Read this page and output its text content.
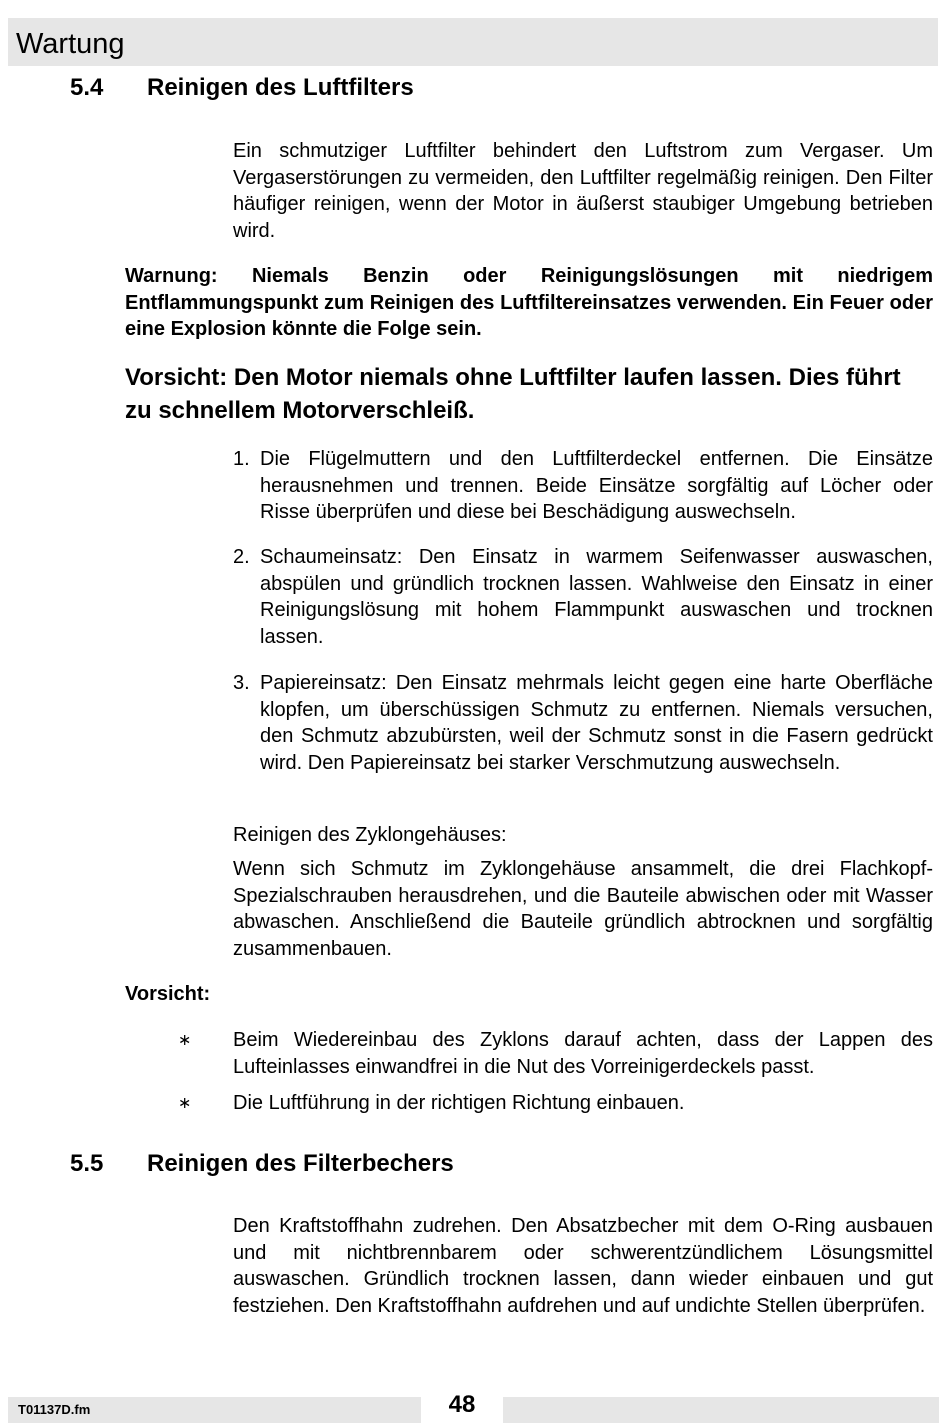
Wartung
5.4 Reinigen des Luftfilters

Ein schmutziger Luftfilter behindert den Luftstrom zum Vergaser. Um Vergaserstörungen zu vermeiden, den Luftfilter regelmäßig reinigen. Den Filter häufiger reinigen, wenn der Motor in äußerst staubiger Umgebung betrieben wird.

Warnung: Niemals Benzin oder Reinigungslösungen mit niedrigem Entflammungspunkt zum Reinigen des Luftfiltereinsatzes verwenden. Ein Feuer oder eine Explosion könnte die Folge sein.

Vorsicht: Den Motor niemals ohne Luftfilter laufen lassen. Dies führt zu schnellem Motorverschleiß.

1. Die Flügelmuttern und den Luftfilterdeckel entfernen. Die Einsätze herausnehmen und trennen. Beide Einsätze sorgfältig auf Löcher oder Risse überprüfen und diese bei Beschädigung auswechseln.
2. Schaumeinsatz: Den Einsatz in warmem Seifenwasser auswaschen, abspülen und gründlich trocknen lassen. Wahlweise den Einsatz in einer Reinigungslösung mit hohem Flammpunkt auswaschen und trocknen lassen.
3. Papiereinsatz: Den Einsatz mehrmals leicht gegen eine harte Oberfläche klopfen, um überschüssigen Schmutz zu entfernen. Niemals versuchen, den Schmutz abzubürsten, weil der Schmutz sonst in die Fasern gedrückt wird. Den Papiereinsatz bei starker Verschmutzung auswechseln.

Reinigen des Zyklongehäuses:

Wenn sich Schmutz im Zyklongehäuse ansammelt, die drei Flachkopf-Spezialschrauben herausdrehen, und die Bauteile abwischen oder mit Wasser abwaschen. Anschließend die Bauteile gründlich abtrocknen und sorgfältig zusammenbauen.

Vorsicht:

∗ Beim Wiedereinbau des Zyklons darauf achten, dass der Lappen des Lufteinlasses einwandfrei in die Nut des Vorreinigerdeckels passt.
∗ Die Luftführung in der richtigen Richtung einbauen.
5.5 Reinigen des Filterbechers

Den Kraftstoffhahn zudrehen. Den Absatzbecher mit dem O-Ring ausbauen und mit nichtbrennbarem oder schwerentzündlichem Lösungsmittel auswaschen. Gründlich trocknen lassen, dann wieder einbauen und gut festziehen. Den Kraftstoffhahn aufdrehen und auf undichte Stellen überprüfen.

T01137D.fm	48
